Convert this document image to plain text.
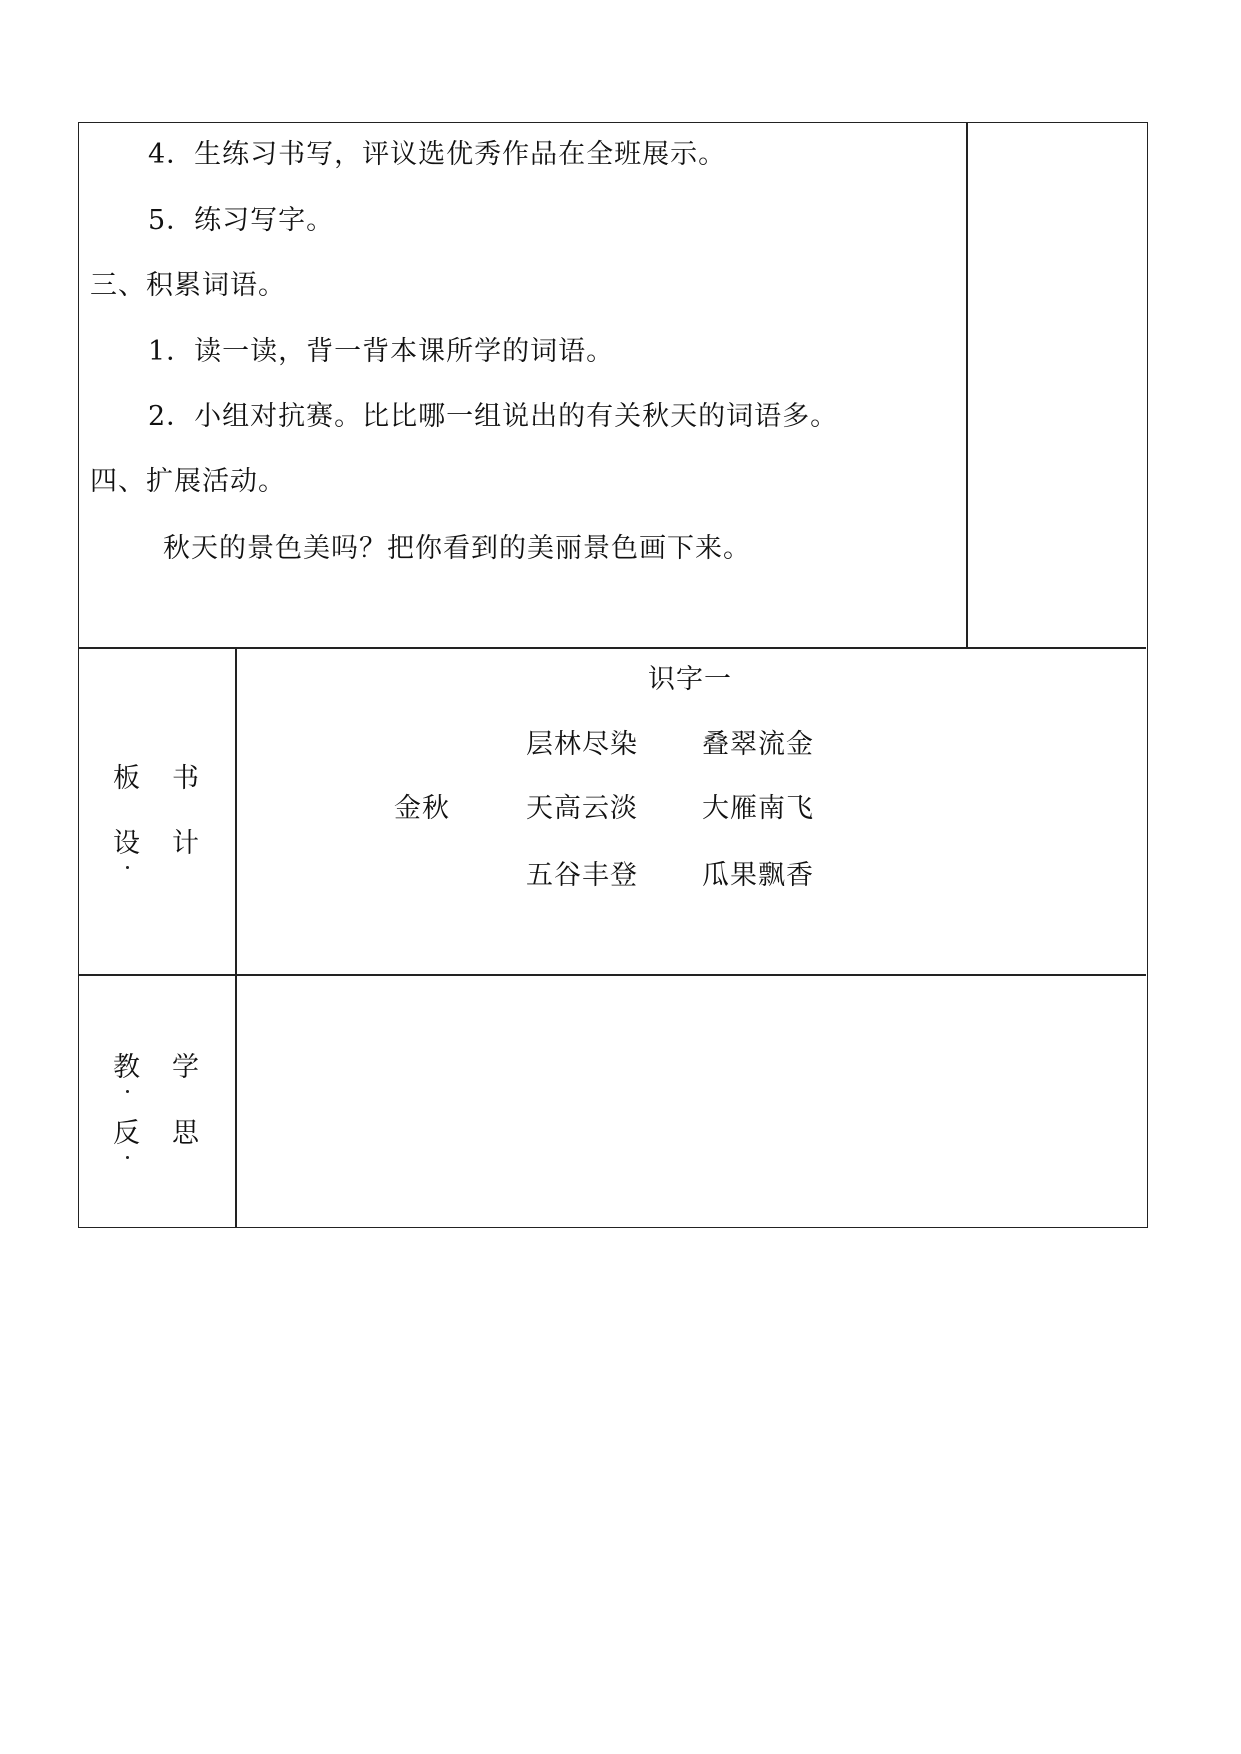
4．生练习书写，评议选优秀作品在全班展示。
5．练习写字。
三、积累词语。
1．读一读，背一背本课所学的词语。
2．小组对抗赛。比比哪一组说出的有关秋天的词语多。
四、扩展活动。
秋天的景色美吗？把你看到的美丽景色画下来。
板 书
设 计
识字一
金秋
层林尽染
天高云淡
五谷丰登
叠翠流金
大雁南飞
瓜果飘香
教 学
反 思
